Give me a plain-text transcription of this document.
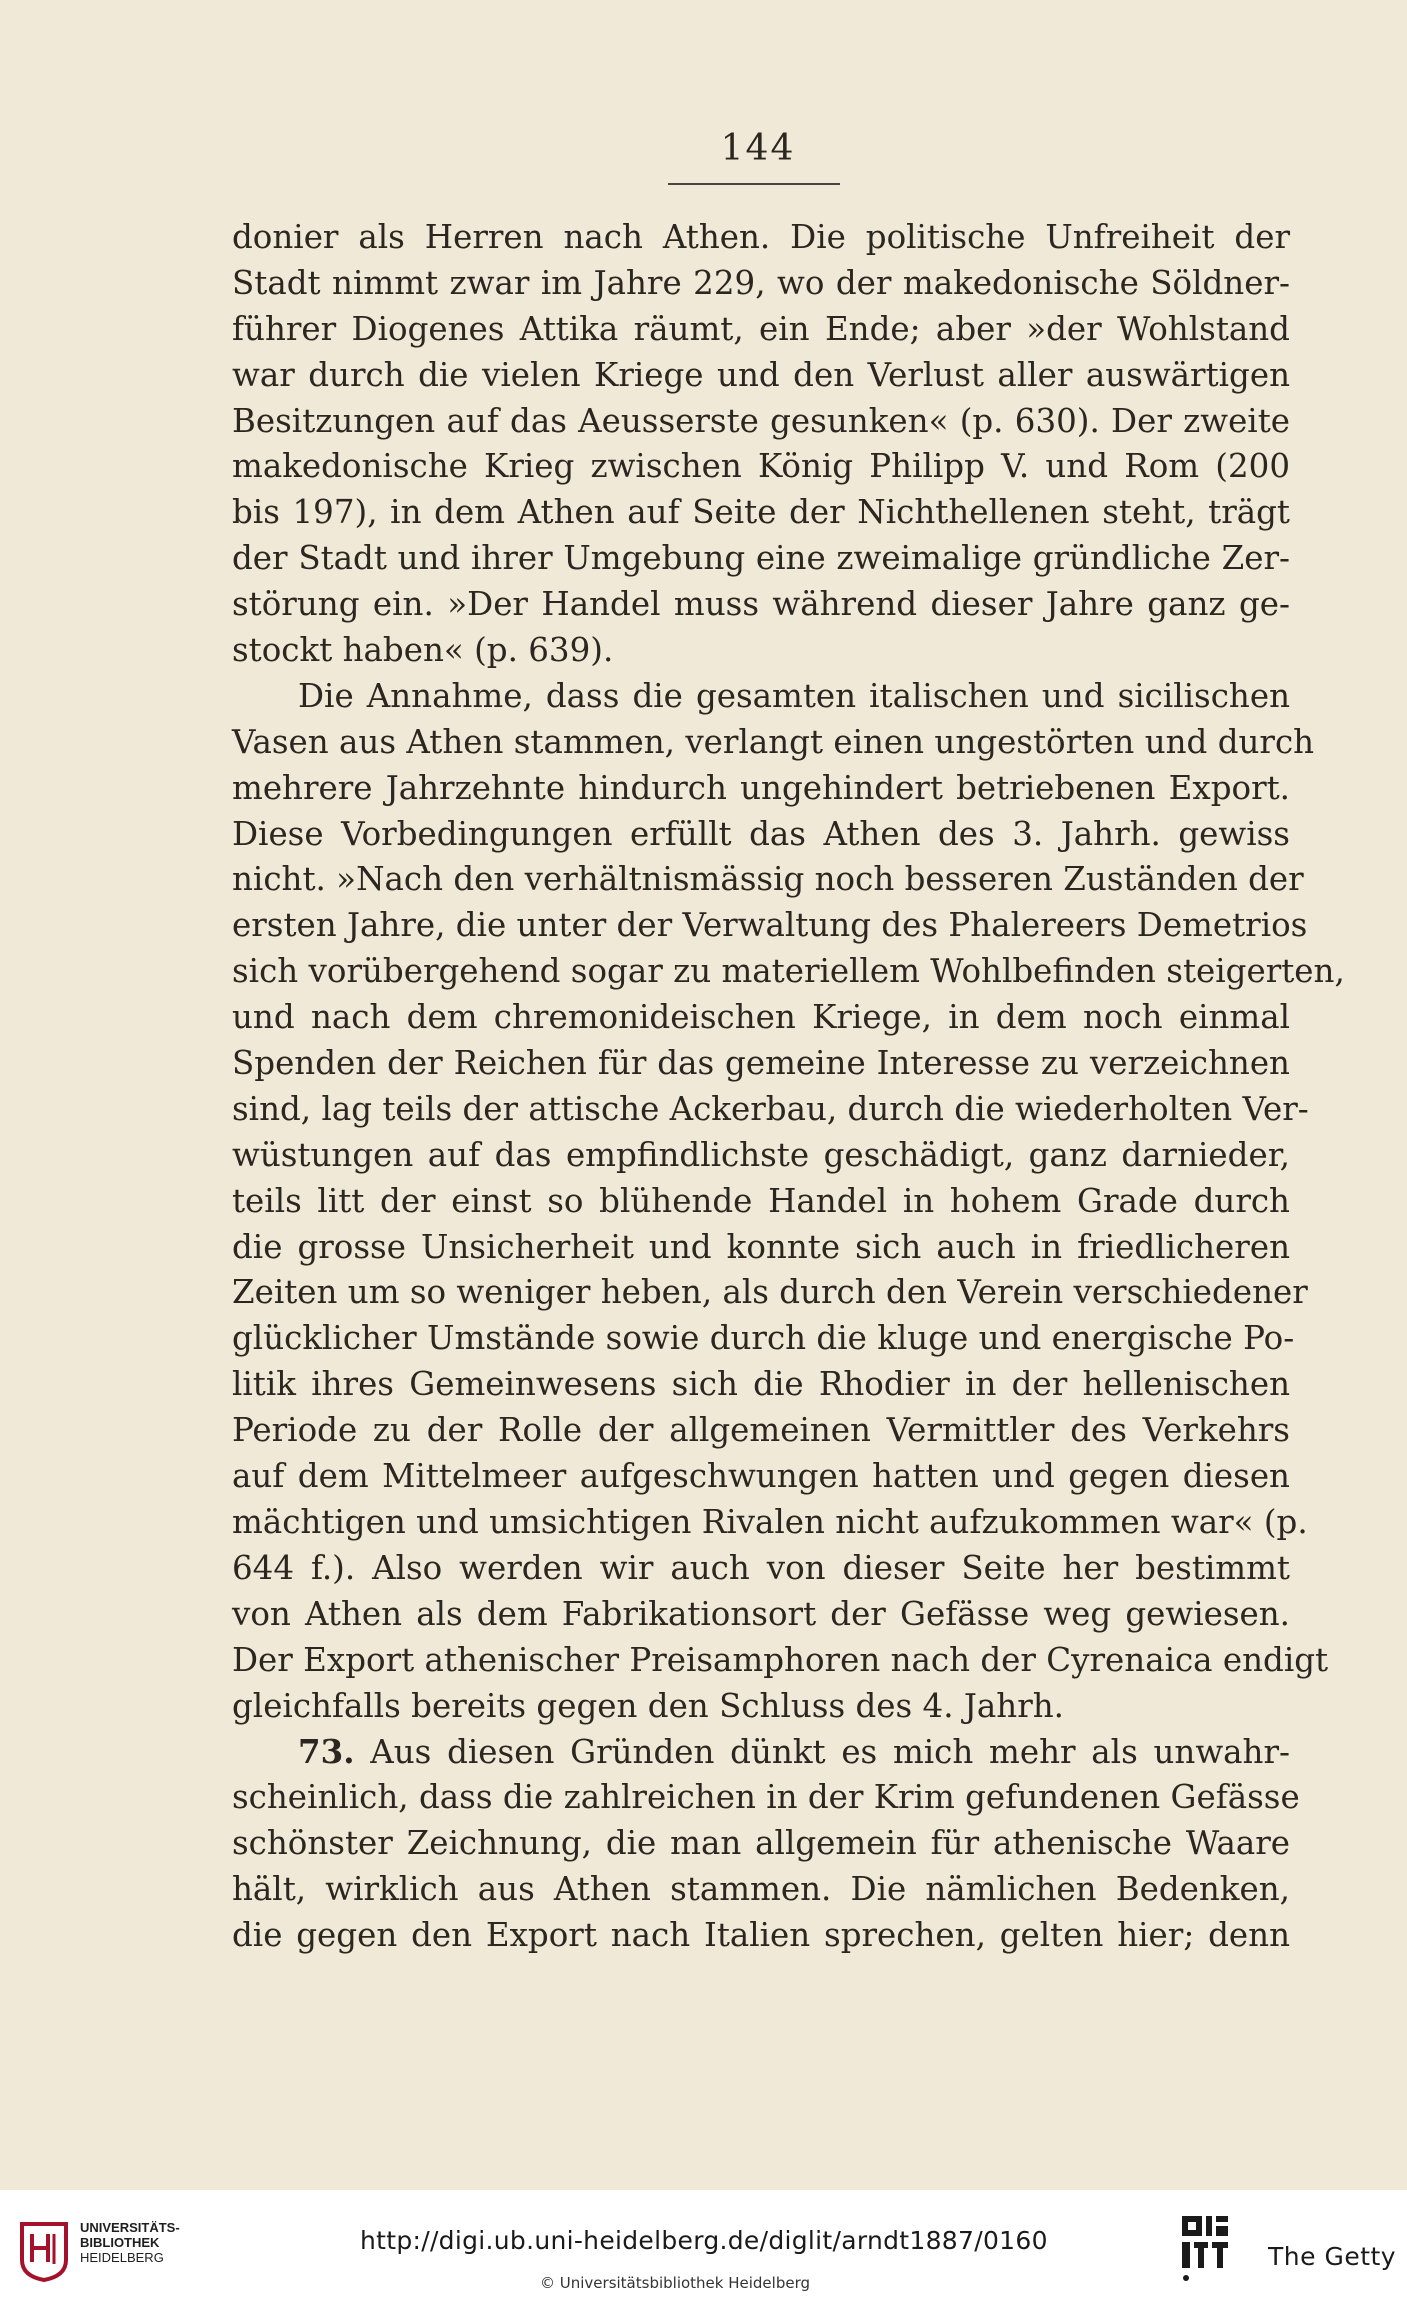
144
donier als Herren nach Athen. Die politische Unfreiheit der
Stadt nimmt zwar im Jahre 229, wo der makedonische Söldner-
führer Diogenes Attika räumt, ein Ende; aber »der Wohlstand
war durch die vielen Kriege und den Verlust aller auswärtigen
Besitzungen auf das Aeusserste gesunken« (p. 630). Der zweite
makedonische Krieg zwischen König Philipp V. und Rom (200
bis 197), in dem Athen auf Seite der Nichthellenen steht, trägt
der Stadt und ihrer Umgebung eine zweimalige gründliche Zer-
störung ein. »Der Handel muss während dieser Jahre ganz ge-
stockt haben« (p. 639).
Die Annahme, dass die gesamten italischen und sicilischen
Vasen aus Athen stammen, verlangt einen ungestörten und durch
mehrere Jahrzehnte hindurch ungehindert betriebenen Export.
Diese Vorbedingungen erfüllt das Athen des 3. Jahrh. gewiss
nicht. »Nach den verhältnismässig noch besseren Zuständen der
ersten Jahre, die unter der Verwaltung des Phalereers Demetrios
sich vorübergehend sogar zu materiellem Wohlbefinden steigerten,
und nach dem chremonideischen Kriege, in dem noch einmal
Spenden der Reichen für das gemeine Interesse zu verzeichnen
sind, lag teils der attische Ackerbau, durch die wiederholten Ver-
wüstungen auf das empfindlichste geschädigt, ganz darnieder,
teils litt der einst so blühende Handel in hohem Grade durch
die grosse Unsicherheit und konnte sich auch in friedlicheren
Zeiten um so weniger heben, als durch den Verein verschiedener
glücklicher Umstände sowie durch die kluge und energische Po-
litik ihres Gemeinwesens sich die Rhodier in der hellenischen
Periode zu der Rolle der allgemeinen Vermittler des Verkehrs
auf dem Mittelmeer aufgeschwungen hatten und gegen diesen
mächtigen und umsichtigen Rivalen nicht aufzukommen war« (p.
644 f.). Also werden wir auch von dieser Seite her bestimmt
von Athen als dem Fabrikationsort der Gefässe weg gewiesen.
Der Export athenischer Preisamphoren nach der Cyrenaica endigt
gleichfalls bereits gegen den Schluss des 4. Jahrh.
73. Aus diesen Gründen dünkt es mich mehr als unwahr-
scheinlich, dass die zahlreichen in der Krim gefundenen Gefässe
schönster Zeichnung, die man allgemein für athenische Waare
hält, wirklich aus Athen stammen. Die nämlichen Bedenken,
die gegen den Export nach Italien sprechen, gelten hier; denn
UNIVERSITÄTS-
BIBLIOTHEK
HEIDELBERG
http://digi.ub.uni-heidelberg.de/diglit/arndt1887/0160
© Universitätsbibliothek Heidelberg
The Getty
